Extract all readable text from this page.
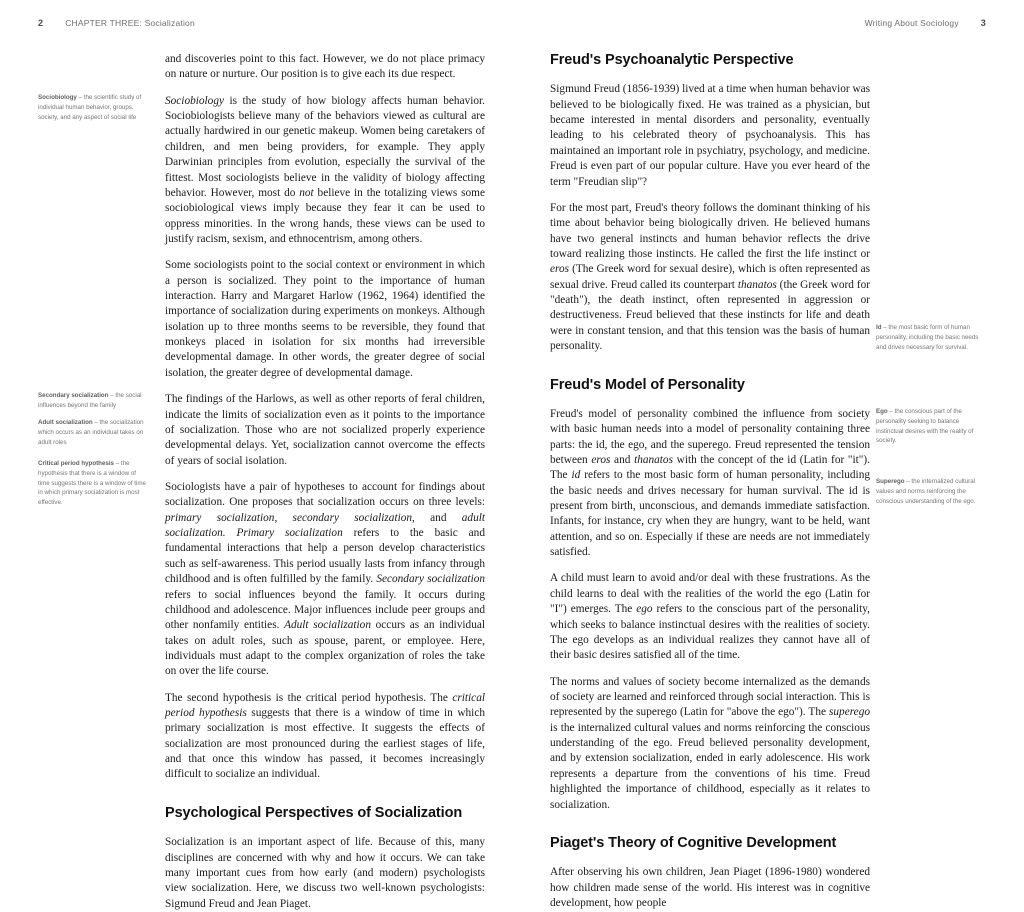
2	CHAPTER THREE: Socialization	Writing About Sociology 3

and discoveries point to this fact. However, we do not place primacy on nature or nurture. Our position is to give each its due respect.

Sociobiology is the study of how biology affects human behavior. Sociobiologists believe many of the behaviors viewed as cultural are actually hardwired in our genetic makeup. Women being caretakers of children, and men being providers, for example. They apply Darwinian principles from evolution, especially the survival of the fittest. Most sociologists believe in the validity of biology affecting behavior. However, most do not believe in the totalizing views some sociobiological views imply because they fear it can be used to oppress minorities. In the wrong hands, these views can be used to justify racism, sexism, and ethnocentrism, among others.

Some sociologists point to the social context or environment in which a person is socialized. They point to the importance of human interaction. Harry and Margaret Harlow (1962, 1964) identified the importance of socialization during experiments on monkeys. Although isolation up to three months seems to be reversible, they found that monkeys placed in isolation for six months had irreversible developmental damage. In other words, the greater degree of social isolation, the greater degree of developmental damage.

The findings of the Harlows, as well as other reports of feral children, indicate the limits of socialization even as it points to the importance of socialization. Those who are not socialized properly experience developmental delays. Yet, socialization cannot overcome the effects of years of social isolation.

Sociologists have a pair of hypotheses to account for findings about socialization. One proposes that socialization occurs on three levels: primary socialization, secondary socialization, and adult socialization. Primary socialization refers to the basic and fundamental interactions that help a person develop characteristics such as self-awareness. This period usually lasts from infancy through childhood and is often fulfilled by the family. Secondary socialization refers to social influences beyond the family. It occurs during childhood and adolescence. Major influences include peer groups and other nonfamily entities. Adult socialization occurs as an individual takes on adult roles, such as spouse, parent, or employee. Here, individuals must adapt to the complex organization of roles the take on over the life course.

The second hypothesis is the critical period hypothesis. The critical period hypothesis suggests that there is a window of time in which primary socialization is most effective. It suggests the effects of socialization are most pronounced during the earliest stages of life, and that once this window has passed, it becomes increasingly difficult to socialize an individual.

Psychological Perspectives of Socialization

Socialization is an important aspect of life. Because of this, many disciplines are concerned with why and how it occurs. We can take many important cues from how early (and modern) psychologists view socialization. Here, we discuss two well-known psychologists: Sigmund Freud and Jean Piaget.

Freud's Psychoanalytic Perspective

Sigmund Freud (1856-1939) lived at a time when human behavior was believed to be biologically fixed. He was trained as a physician, but became interested in mental disorders and personality, eventually leading to his celebrated theory of psychoanalysis. This has maintained an important role in psychiatry, psychology, and medicine. Freud is even part of our popular culture. Have you ever heard of the term "Freudian slip"?

For the most part, Freud's theory follows the dominant thinking of his time about behavior being biologically driven. He believed humans have two general instincts and human behavior reflects the drive toward realizing those instincts. He called the first the life instinct or eros (The Greek word for sexual desire), which is often represented as sexual drive. Freud called its counterpart thanatos (the Greek word for "death"), the death instinct, often represented in aggression or destructiveness. Freud believed that these instincts for life and death were in constant tension, and that this tension was the basis of human personality.

Freud's Model of Personality

Freud's model of personality combined the influence from society with basic human needs into a model of personality containing three parts: the id, the ego, and the superego. Freud represented the tension between eros and thanatos with the concept of the id (Latin for "it"). The id refers to the most basic form of human personality, including the basic needs and drives necessary for human survival. The id is present from birth, unconscious, and demands immediate satisfaction. Infants, for instance, cry when they are hungry, want to be held, want attention, and so on. Especially if these are needs are not immediately satisfied.

A child must learn to avoid and/or deal with these frustrations. As the child learns to deal with the realities of the world the ego (Latin for "I") emerges. The ego refers to the conscious part of the personality, which seeks to balance instinctual desires with the realities of society. The ego develops as an individual realizes they cannot have all of their basic desires satisfied all of the time.

The norms and values of society become internalized as the demands of society are learned and reinforced through social interaction. This is represented by the superego (Latin for "above the ego"). The superego is the internalized cultural values and norms reinforcing the conscious understanding of the ego. Freud believed personality development, and by extension socialization, ended in early adolescence. His work represents a departure from the conventions of his time. Freud highlighted the importance of childhood, especially as it relates to socialization.

Piaget's Theory of Cognitive Development

After observing his own children, Jean Piaget (1896-1980) wondered how children made sense of the world. His interest was in cognitive development, how people

Sociobiology – the scientific study of individual human behavior, groups, society, and any aspect of social life
Secondary socialization – the social influences beyond the family
Adult socialization – the socialization which occurs as an individual takes on adult roles
Critical period hypothesis – the hypothesis that there is a window of time suggests there is a window of time in which primary socialization is most effective.
Id – the most basic form of human personality, including the basic needs and drives necessary for survival.
Ego – the conscious part of the personality seeking to balance instinctual desires with the reality of society.
Superego – the internalized cultural values and norms reinforcing the conscious understanding of the ego.
